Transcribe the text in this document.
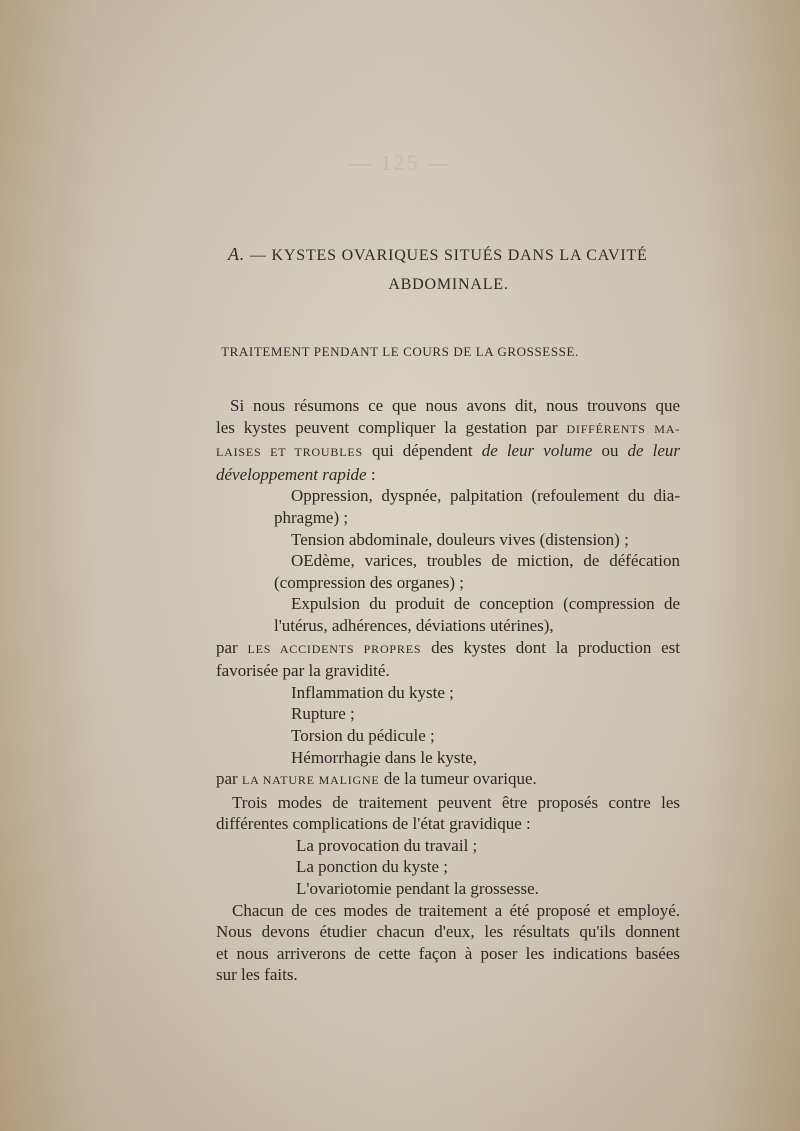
— 125 —
A. — KYSTES OVARIQUES SITUÉS DANS LA CAVITÉ
ABDOMINALE.
TRAITEMENT PENDANT LE COURS DE LA GROSSESSE.
Si nous résumons ce que nous avons dit, nous trouvons que
les kystes peuvent compliquer la gestation par DIFFÉRENTS MA-
LAISES ET TROUBLES qui dépendent de leur volume ou de leur
développement rapide :
Oppression, dyspnée, palpitation (refoulement du dia-
phragme) ;
Tension abdominale, douleurs vives (distension) ;
OEdème, varices, troubles de miction, de défécation
(compression des organes) ;
Expulsion du produit de conception (compression de
l'utérus, adhérences, déviations utérines),
par LES ACCIDENTS PROPRES des kystes dont la production est
favorisée par la gravidité.
Inflammation du kyste ;
Rupture ;
Torsion du pédicule ;
Hémorrhagie dans le kyste,
par LA NATURE MALIGNE de la tumeur ovarique.
Trois modes de traitement peuvent être proposés contre les
différentes complications de l'état gravidique :
La provocation du travail ;
La ponction du kyste ;
L'ovariotomie pendant la grossesse.
Chacun de ces modes de traitement a été proposé et employé.
Nous devons étudier chacun d'eux, les résultats qu'ils donnent
et nous arriverons de cette façon à poser les indications basées
sur les faits.
